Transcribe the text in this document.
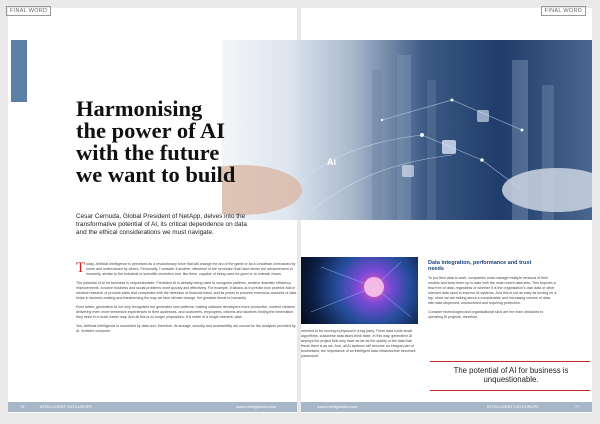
FINAL WORD	FINAL WORD
Ai
Harmonising the power of AI with the future we want to build
Cesar Cernuda, Global President of NetApp, delves into the transformative potential of AI, its critical dependence on data and the ethical considerations we must navigate.

Today, Artificial Intelligence is perceived as a revolutionary force that will change the arc of the game or as a Leviathan overvalued by some and undervalued by others. Personally, I consider it another milestone of the revolution that have driven the advancement of humanity, similar to the industrial or scientific revolution and, like them, capable of being used for good or to unleash chaos.

The potential of AI for business is unquestionable. Predictive AI is already being used to recognise patterns, achieve dramatic efficiency improvements, to solve business and social problems more quickly and effectively. For example, it allows us to predict how proteins fold in medical research or product sales and companies with the detection of financial fraud, and its power to process enormous amounts of data helps in decision-making and transforming the way we face climate change, the greatest threat to humanity.

Even better, generative AI not only recognises but generates new patterns, making software developers more productive, content creators delivering even more immersive experiences to their audiences, and customers, employees, citizens and students finding the information they need in a much easier way. And all this is no longer proposition; it is made of a single moment: data.

Yes, Artificial Intelligence is nourished by data and, therefore, its storage, security and accessibility are crucial for the analyses provided by AI. Ambient computer	oriented to be moving a physical in a big party. There data holds small algorithms, customise data lakes think state. In this way, generative AI deploys the project that only have as far as the quality of the data that feeds them is as we. And, all AI systems will become an integral part of businesses, the importance of an intelligent data infrastructure becomes paramount.

Data integration, performance and trust needs

To put their data to work, companies must manage multiple versions of their models and keep them up to date with the most recent data sets. This requires a flow free of data, regardless of whether it is the organisation's own data or other relevant data used to improve AI systems. And this is not as easy as turning on a tap, since we are talking about a considerable and increasing volume of data, with data dispersed, unstructured and requiring protection.

Consider technologies and organisational silos are the main obstacles to operating AI projects, therefore,

The potential of AI for business is unquestionable.
76	INTELLIGENT CIO EUROPE	www.intelligentcio.com	www.intelligentcio.com	INTELLIGENT CIO EUROPE	77
